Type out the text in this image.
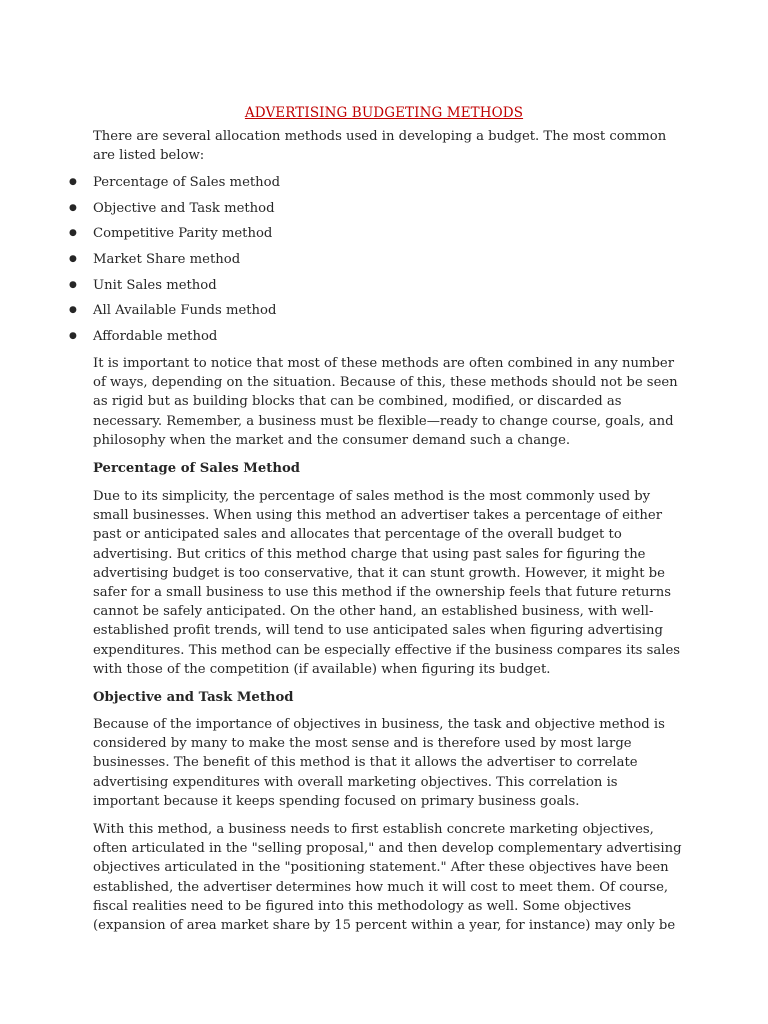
ADVERTISING BUDGETING METHODS

There are several allocation methods used in developing a budget. The most common are listed below:

● Percentage of Sales method
● Objective and Task method
● Competitive Parity method
● Market Share method
● Unit Sales method
● All Available Funds method
● Affordable method

It is important to notice that most of these methods are often combined in any number of ways, depending on the situation. Because of this, these methods should not be seen as rigid but as building blocks that can be combined, modified, or discarded as necessary. Remember, a business must be flexible—ready to change course, goals, and philosophy when the market and the consumer demand such a change.

Percentage of Sales Method

Due to its simplicity, the percentage of sales method is the most commonly used by small businesses. When using this method an advertiser takes a percentage of either past or anticipated sales and allocates that percentage of the overall budget to advertising. But critics of this method charge that using past sales for figuring the advertising budget is too conservative, that it can stunt growth. However, it might be safer for a small business to use this method if the ownership feels that future returns cannot be safely anticipated. On the other hand, an established business, with well-established profit trends, will tend to use anticipated sales when figuring advertising expenditures. This method can be especially effective if the business compares its sales with those of the competition (if available) when figuring its budget.

Objective and Task Method

Because of the importance of objectives in business, the task and objective method is considered by many to make the most sense and is therefore used by most large businesses. The benefit of this method is that it allows the advertiser to correlate advertising expenditures with overall marketing objectives. This correlation is important because it keeps spending focused on primary business goals.

With this method, a business needs to first establish concrete marketing objectives, often articulated in the "selling proposal," and then develop complementary advertising objectives articulated in the "positioning statement." After these objectives have been established, the advertiser determines how much it will cost to meet them. Of course, fiscal realities need to be figured into this methodology as well. Some objectives (expansion of area market share by 15 percent within a year, for instance) may only be
